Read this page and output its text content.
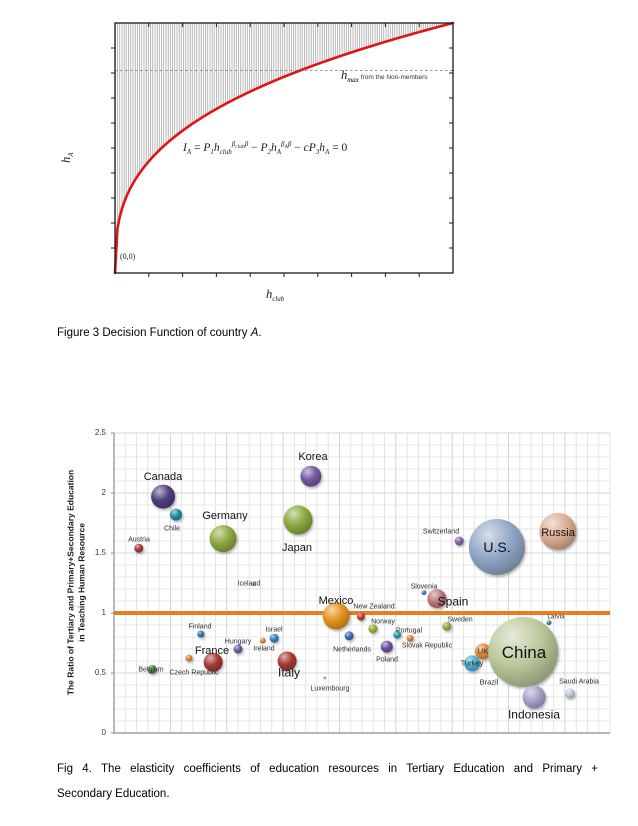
$h_A$
hmax from the Non-members
$I_A = P_1h_{club}^{\beta club\beta} - P_2h_A^{\beta A\beta} - cP_3h_A = 0$
(0,0)
$h_{club}$

Figure 3 Decision Function of country A.

U.S.
Russia
Japan
Germany
Mexico
Canada
Korea
Spain
France
Italy
UK
Turkey
China
Indonesia
Chile
Poland
Saudi Arabia
Austria
Norway
Netherlands
Sweden
Switzerland
Hungary
Israel
Belgium
Finland
Czech Republic
Portugal
Slovak Republic
New Zealand
Ireland
Slovenia
Latvia
Iceland
Luxembourg
Brazil
The Ratio of Tertiary and Primary+Secondary Education in Teaching Human Resource
0
0.5
1
1.5
2
2.5
Fig 4. The elasticity coefficients of education resources in Tertiary Education and Primary +
Secondary Education.
